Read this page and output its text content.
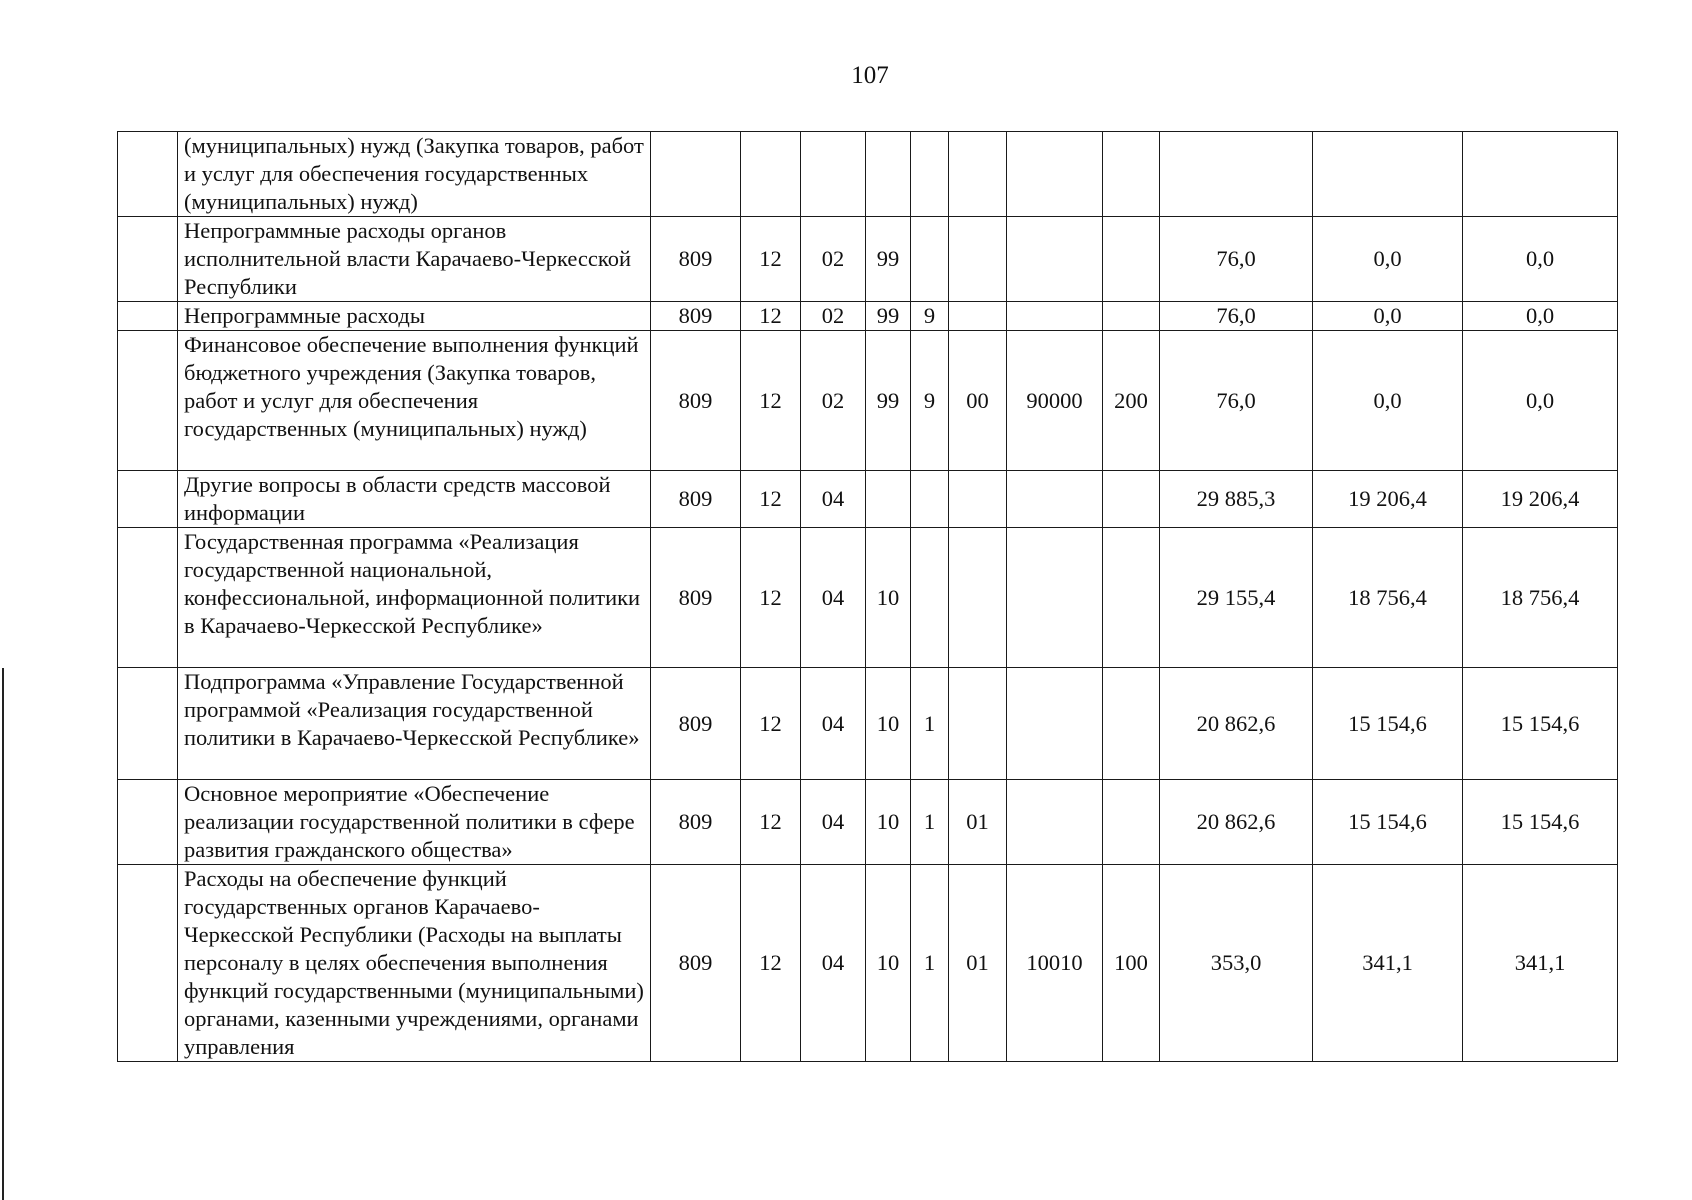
107
	(муниципальных) нужд (Закупка товаров, работ и услуг для обеспечения государственных (муниципальных) нужд)											
	Непрограммные расходы органов исполнительной власти Карачаево-Черкесской Республики	809	12	02	99					76,0	0,0	0,0
	Непрограммные расходы	809	12	02	99	9				76,0	0,0	0,0
	Финансовое обеспечение выполнения функций бюджетного учреждения (Закупка товаров, работ и услуг для обеспечения государственных (муниципальных) нужд)	809	12	02	99	9	00	90000	200	76,0	0,0	0,0
	Другие вопросы в области средств массовой информации	809	12	04						29 885,3	19 206,4	19 206,4
	Государственная программа «Реализация государственной национальной, конфессиональной, информационной политики в Карачаево-Черкесской Республике»	809	12	04	10					29 155,4	18 756,4	18 756,4
	Подпрограмма «Управление Государственной программой «Реализация государственной политики в Карачаево-Черкесской Республике»	809	12	04	10	1				20 862,6	15 154,6	15 154,6
	Основное мероприятие «Обеспечение реализации государственной политики в сфере развития гражданского общества»	809	12	04	10	1	01			20 862,6	15 154,6	15 154,6
	Расходы на обеспечение функций государственных органов Карачаево-Черкесской Республики (Расходы на выплаты персоналу в целях обеспечения выполнения функций государственными (муниципальными) органами, казенными учреждениями, органами управления	809	12	04	10	1	01	10010	100	353,0	341,1	341,1
